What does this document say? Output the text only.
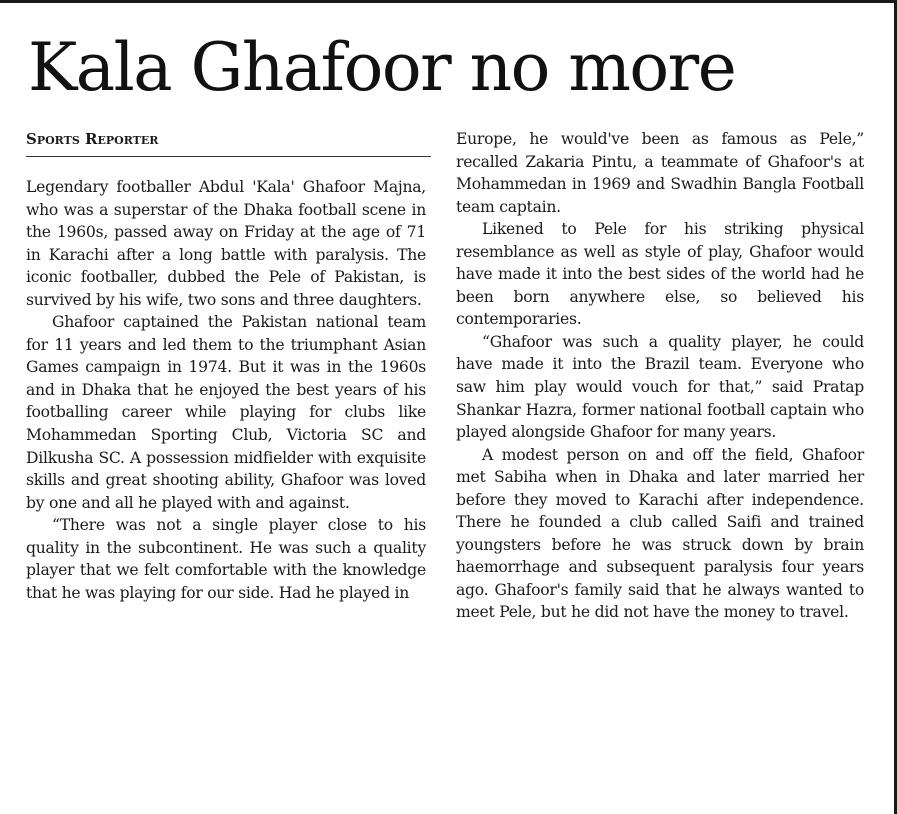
Kala Ghafoor no more
Sports Reporter

Legendary footballer Abdul 'Kala' Ghafoor Majna, who was a superstar of the Dhaka football scene in the 1960s, passed away on Friday at the age of 71 in Karachi after a long battle with paralysis. The iconic footballer, dubbed the Pele of Pakistan, is survived by his wife, two sons and three daughters.

Ghafoor captained the Pakistan national team for 11 years and led them to the triumphant Asian Games campaign in 1974. But it was in the 1960s and in Dhaka that he enjoyed the best years of his footballing career while playing for clubs like Mohammedan Sporting Club, Victoria SC and Dilkusha SC. A possession midfielder with exquisite skills and great shooting ability, Ghafoor was loved by one and all he played with and against.

“There was not a single player close to his quality in the subcontinent. He was such a quality player that we felt comfortable with the knowledge that he was playing for our side. Had he played in

Europe, he would've been as famous as Pele,” recalled Zakaria Pintu, a teammate of Ghafoor's at Mohammedan in 1969 and Swadhin Bangla Football team captain.

Likened to Pele for his striking physical resemblance as well as style of play, Ghafoor would have made it into the best sides of the world had he been born anywhere else, so believed his contemporaries.

“Ghafoor was such a quality player, he could have made it into the Brazil team. Everyone who saw him play would vouch for that,” said Pratap Shankar Hazra, former national football captain who played alongside Ghafoor for many years.

A modest person on and off the field, Ghafoor met Sabiha when in Dhaka and later married her before they moved to Karachi after independence. There he founded a club called Saifi and trained youngsters before he was struck down by brain haemorrhage and subsequent paralysis four years ago. Ghafoor's family said that he always wanted to meet Pele, but he did not have the money to travel.
